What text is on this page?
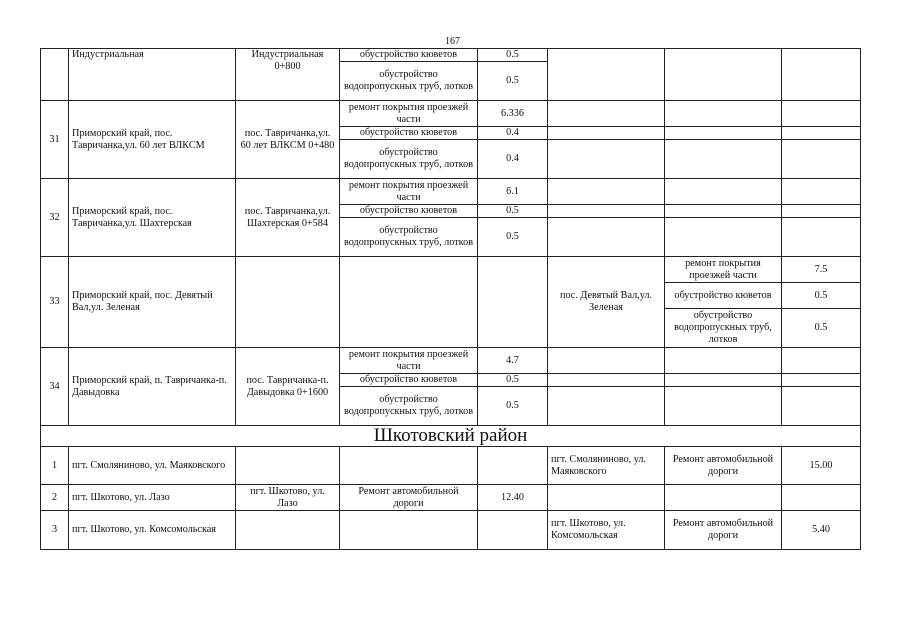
167
	Индустриальная	Индустриальная 0+800	обустройство кюветов	0.5			
			обустройство водопропускных труб, лотков	0.5			
31	Приморский край, пос. Тавричанка,ул. 60 лет ВЛКСМ	пос. Тавричанка,ул. 60 лет ВЛКСМ 0+480	ремонт покрытия проезжей части	6.336			
			обустройство кюветов	0.4			
			обустройство водопропускных труб, лотков	0.4			
32	Приморский край, пос. Тавричанка,ул. Шахтерская	пос. Тавричанка,ул. Шахтерская 0+584	ремонт покрытия проезжей части	6.1			
			обустройство кюветов	0.5			
			обустройство водопропускных труб, лотков	0.5			
33	Приморский край, пос. Девятый Вал,ул. Зеленая				пос. Девятый Вал,ул. Зеленая	ремонт покрытия проезжей части	7.5
						обустройство кюветов	0.5
						обустройство водопропускных труб, лотков	0.5
34	Приморский край, п. Тавричанка-п. Давыдовка	пос. Тавричанка-п. Давыдовка 0+1600	ремонт покрытия проезжей части	4.7			
			обустройство кюветов	0.5			
			обустройство водопропускных труб, лотков	0.5			
Шкотовский район							
1	пгт. Смоляниново, ул. Маяковского				пгт. Смоляниново, ул. Маяковского	Ремонт автомобильной дороги	15.00
2	пгт. Шкотово, ул. Лазо	пгт. Шкотово, ул. Лазо	Ремонт автомобильной дороги	12.40			
3	пгт. Шкотово, ул. Комсомольская				пгт. Шкотово, ул. Комсомольская	Ремонт автомобильной дороги	5.40
